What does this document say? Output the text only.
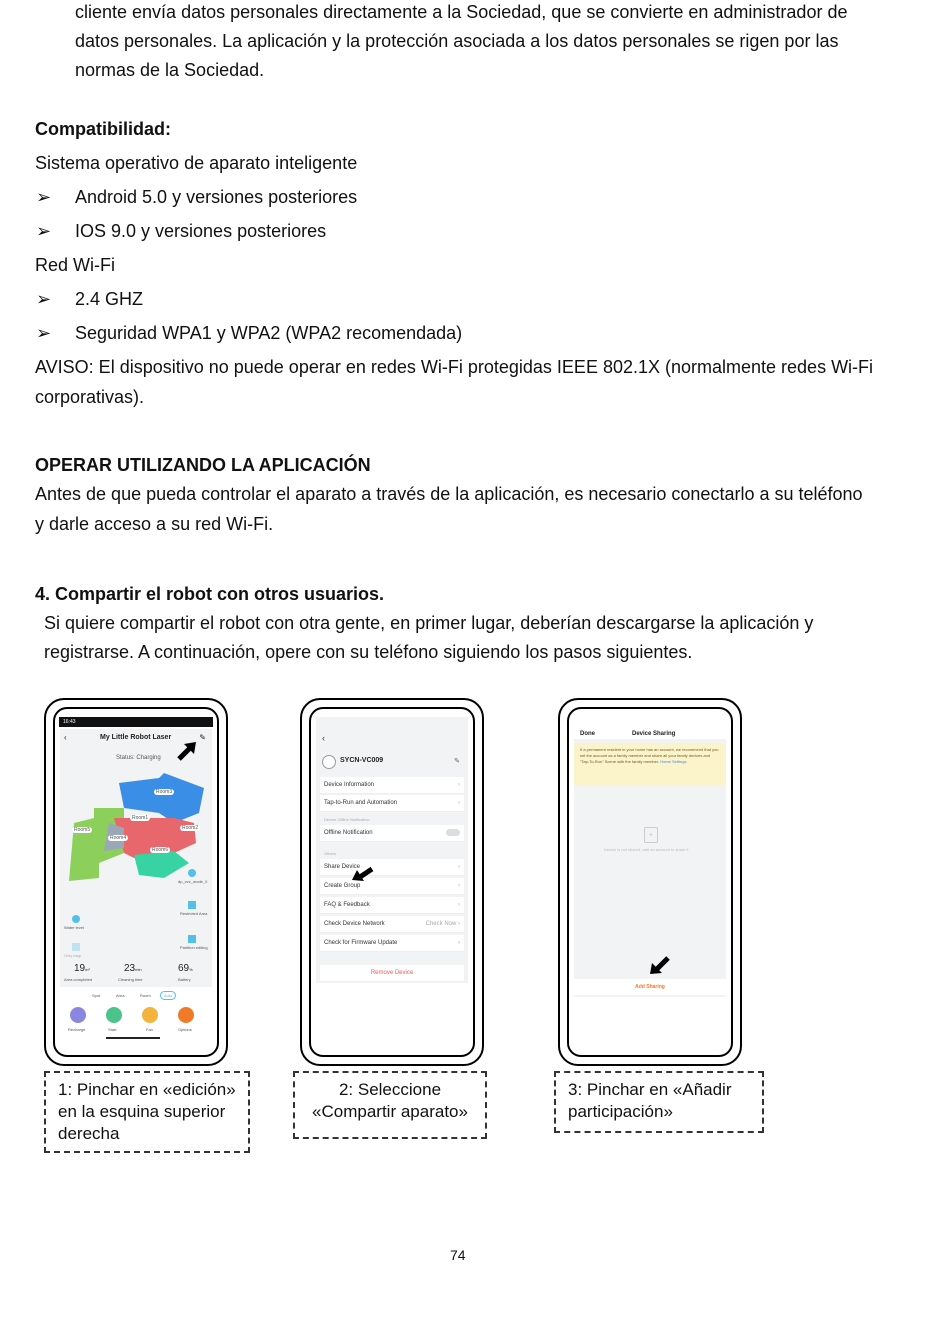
cliente envía datos personales directamente a la Sociedad, que se convierte en administrador de
datos personales. La aplicación y la protección asociada a los datos personales se rigen por las
normas de la Sociedad.
Compatibilidad:
Sistema operativo de aparato inteligente
➢ Android 5.0 y versiones posteriores
➢ IOS 9.0 y versiones posteriores
Red Wi-Fi
➢ 2.4 GHZ
➢ Seguridad WPA1 y WPA2 (WPA2 recomendada)
AVISO: El dispositivo no puede operar en redes Wi-Fi protegidas IEEE 802.1X (normalmente redes Wi-Fi
corporativas).
OPERAR UTILIZANDO LA APLICACIÓN
Antes de que pueda controlar el aparato a través de la aplicación, es necesario conectarlo a su teléfono
y darle acceso a su red Wi-Fi.
4. Compartir el robot con otros usuarios.
Si quiere compartir el robot con otra gente, en primer lugar, deberían descargarse la aplicación y
registrarse. A continuación, opere con su teléfono siguiendo los pasos siguientes.
16:43
‹	My Little Robot Laser	✎
Status: Charging
Room3
Room1
Room2
Room5
Room4
Room6
dp_cvc_mode_0
Restricted Area
Partition editing
Water level
Only map
19m²
Area completed
23min
Cleaning time
69%
Battery
Spot	Area	Room	Auto
Recharge	Start	Fan	Options
‹
SYCN-VC009	✎
Device Information	›
Tap-to-Run and Automation	›
Device Offline Notification
Offline Notification
Others
Share Device	›
Create Group	›
FAQ & Feedback	›
Check Device Network	Check Now ›
Check for Firmware Update	›
Remove Device
Done	Device Sharing
If a permanent resident in your home has an account, we recommend that you set the account as a family member and share all your family devices and "Tap-To-Run" Scene with the family member. Home Settings
+
Device is not shared, add an account to share it
Add Sharing
1: Pinchar en «edición» en la esquina superior derecha
2: Seleccione «Compartir aparato»
3: Pinchar en «Añadir participación»
74
